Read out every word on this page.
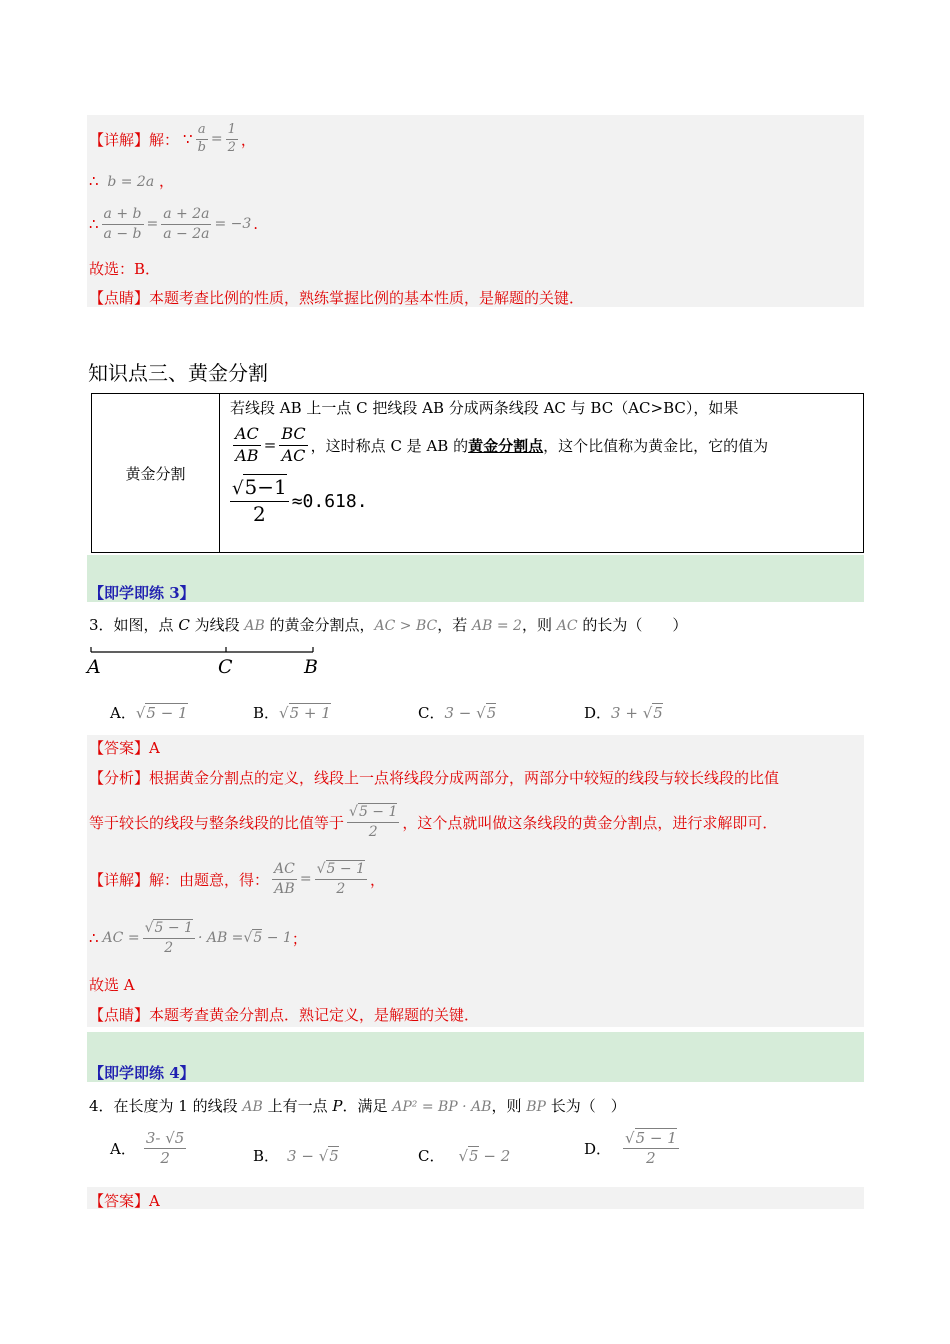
【详解】 解： ∵ $\frac{a}{b} = \frac{1}{2}$ ，
∴ b = 2a ，
∴ $\frac{a + b}{a - b} = \frac{a + 2a}{a - 2a} = -3$ .
故选：B．
【点睛】本题考查比例的性质，熟练掌握比例的基本性质，是解题的关键．
知识点三、黄金分割
黄金分割	
若线段 AB 上一点 C 把线段 AB 分成两条线段 AC 与 BC（AC>BC），如果
$\frac{AC}{AB} = \frac{BC}{AC}$ ，这时称点 C 是 AB 的 黄金分割点 ，这个比值称为黄金比，它的值为
$\frac{√5-1}{2} \approx 0.618$.
【即学即练 3】
3．如图，点 C 为线段 AB 的黄金分割点，AC > BC，若 AB = 2，则 AC 的长为（　　）
A	C	B
A．√5 − 1	B．√5 + 1	C．3 − √5	D．3 + √5
【答案】A
【分析】根据黄金分割点的定义，线段上一点将线段分成两部分，两部分中较短的线段与较长线段的比值
等于较长的线段与整条线段的比值等于 $\frac{√5 - 1}{2}$ ，这个点就叫做这条线段的黄金分割点，进行求解即可．
【详解】 解：由题意，得： $\frac{AC}{AB} = \frac{√5 - 1}{2}$ ，
∴ AC = $\frac{√5 - 1}{2}$ · AB = √5 − 1 ；
故选 A
【点睛】本题考查黄金分割点．熟记定义，是解题的关键．
【即学即练 4】
4．在长度为 1 的线段 AB 上有一点 P．满足 AP² = BP · AB，则 BP 长为（　）
A． $\frac{3- √5}{2}$	B． 3 − √5	C． √5 − 2	D． $\frac{√5 - 1}{2}$
【答案】A
